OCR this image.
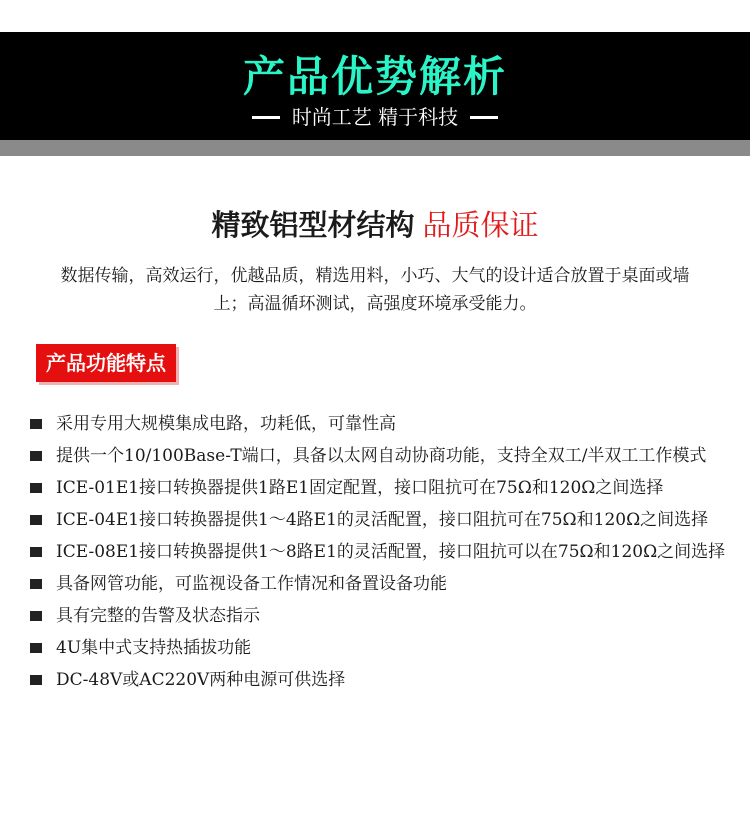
产品优势解析
时尚工艺 精于科技
精致铝型材结构 品质保证
数据传输，高效运行，优越品质，精选用料，小巧、大气的设计适合放置于桌面或墙上；高温循环测试，高强度环境承受能力。
产品功能特点
采用专用大规模集成电路，功耗低，可靠性高
提供一个10/100Base-T端口，具备以太网自动协商功能，支持全双工/半双工工作模式
ICE-01E1接口转换器提供1路E1固定配置，接口阻抗可在75Ω和120Ω之间选择
ICE-04E1接口转换器提供1～4路E1的灵活配置，接口阻抗可在75Ω和120Ω之间选择
ICE-08E1接口转换器提供1～8路E1的灵活配置，接口阻抗可以在75Ω和120Ω之间选择
具备网管功能，可监视设备工作情况和备置设备功能
具有完整的告警及状态指示
4U集中式支持热插拔功能
DC-48V或AC220V两种电源可供选择
